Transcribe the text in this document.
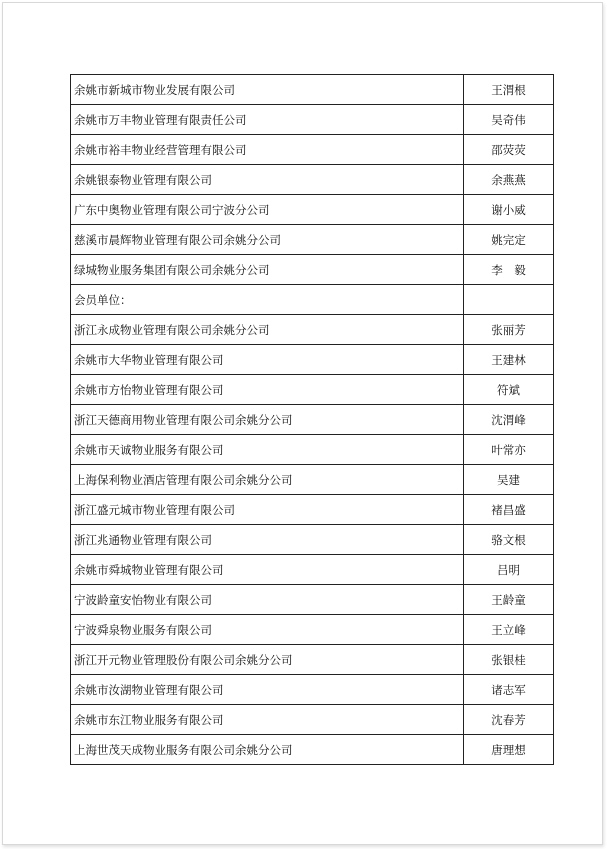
余姚市新城市物业发展有限公司	王渭根
余姚市万丰物业管理有限责任公司	吴奇伟
余姚市裕丰物业经营管理有限公司	邵荧荧
余姚银泰物业管理有限公司	余燕燕
广东中奥物业管理有限公司宁波分公司	谢小威
慈溪市晨辉物业管理有限公司余姚分公司	姚完定
绿城物业服务集团有限公司余姚分公司	李　毅
会员单位：	
浙江永成物业管理有限公司余姚分公司	张丽芳
余姚市大华物业管理有限公司	王建林
余姚市方怡物业管理有限公司	符斌
浙江天德商用物业管理有限公司余姚分公司	沈渭峰
余姚市天诚物业服务有限公司	叶常亦
上海保利物业酒店管理有限公司余姚分公司	吴建
浙江盛元城市物业管理有限公司	褚昌盛
浙江兆通物业管理有限公司	骆文根
余姚市舜城物业管理有限公司	吕明
宁波龄童安怡物业有限公司	王龄童
宁波舜泉物业服务有限公司	王立峰
浙江开元物业管理股份有限公司余姚分公司	张银桂
余姚市汝湖物业管理有限公司	诸志军
余姚市东江物业服务有限公司	沈春芳
上海世茂天成物业服务有限公司余姚分公司	唐理想
